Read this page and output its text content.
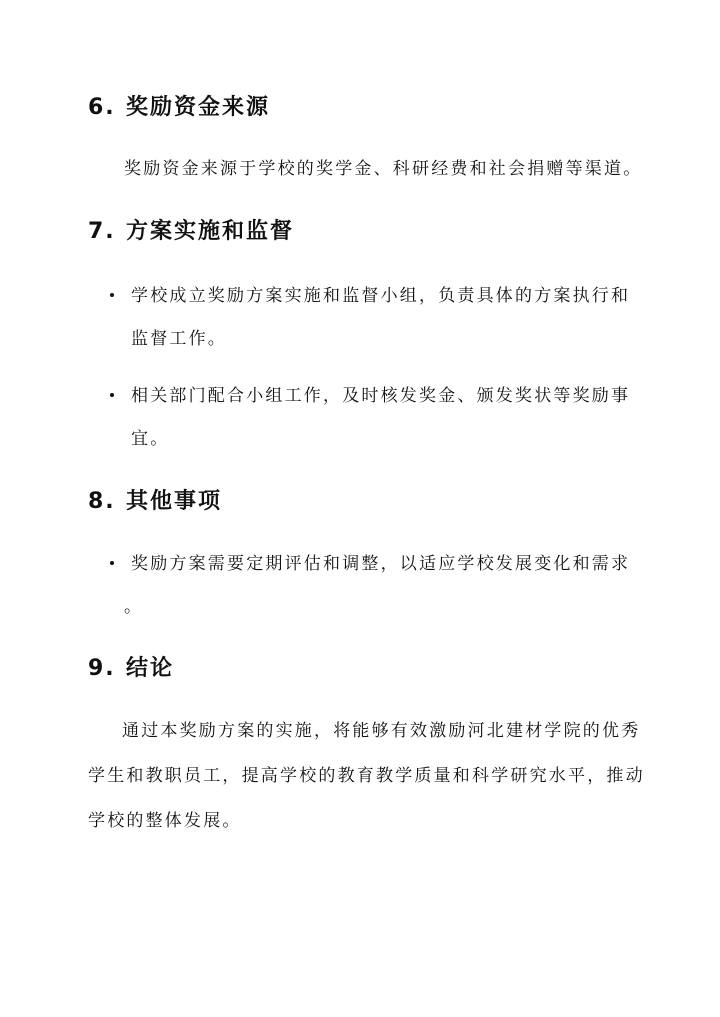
6. 奖励资金来源
奖励资金来源于学校的奖学金、科研经费和社会捐赠等渠道。
7. 方案实施和监督
学校成立奖励方案实施和监督小组，负责具体的方案执行和
监督工作。
相关部门配合小组工作，及时核发奖金、颁发奖状等奖励事
宜。
8. 其他事项
奖励方案需要定期评估和调整，以适应学校发展变化和需求
。
9. 结论
通过本奖励方案的实施，将能够有效激励河北建材学院的优秀
学生和教职员工，提高学校的教育教学质量和科学研究水平，推动
学校的整体发展。
